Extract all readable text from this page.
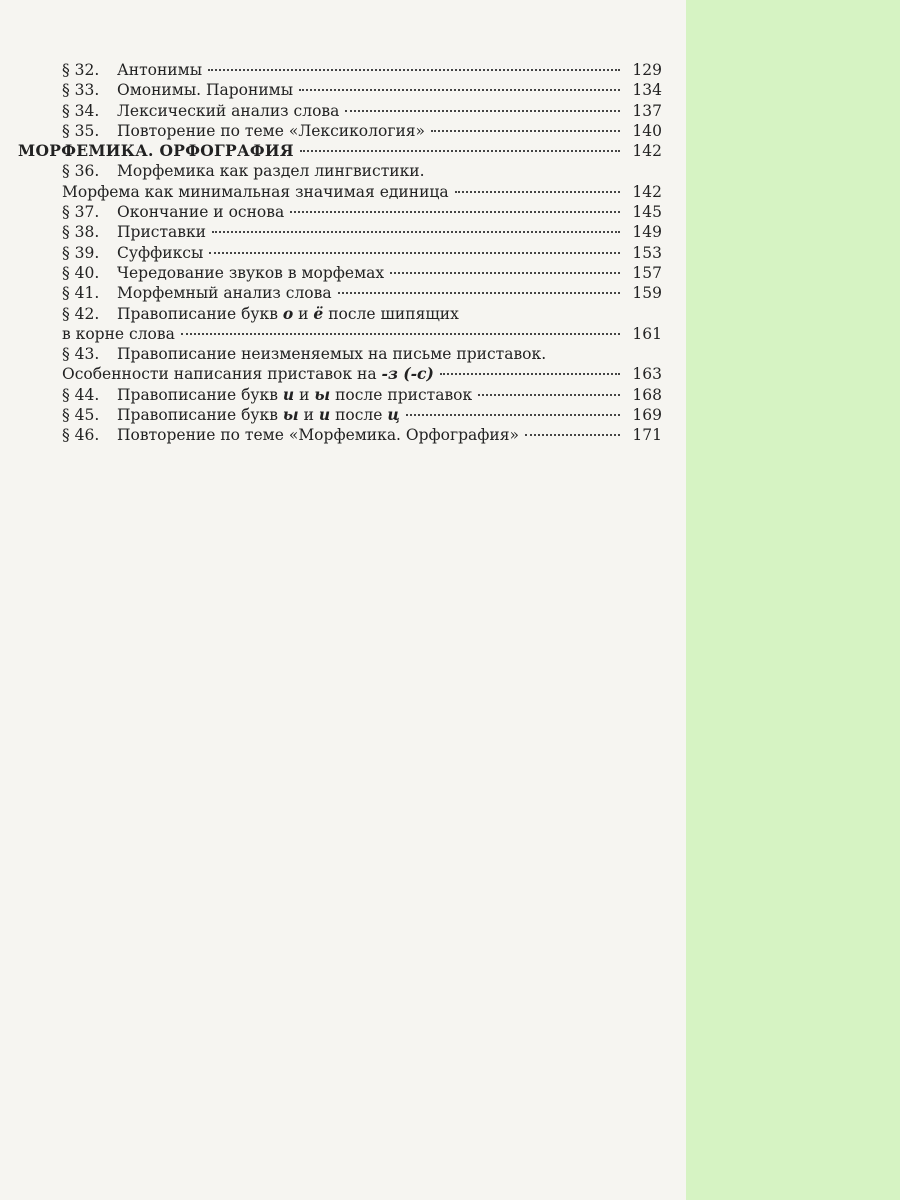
§ 32.	Антонимы	129
§ 33.	Омонимы. Паронимы	134
§ 34.	Лексический анализ слова	137
§ 35.	Повторение по теме «Лексикология»	140
МОРФЕМИКА. ОРФОГРАФИЯ	142
§ 36.	Морфемика как раздел лингвистики.
Морфема как минимальная значимая единица	142
§ 37.	Окончание и основа	145
§ 38.	Приставки	149
§ 39.	Суффиксы	153
§ 40.	Чередование звуков в морфемах	157
§ 41.	Морфемный анализ слова	159
§ 42.	Правописание букв о и ё после шипящих
в корне слова	161
§ 43.	Правописание неизменяемых на письме приставок.
Особенности написания приставок на -з (-с)	163
§ 44.	Правописание букв и и ы после приставок	168
§ 45.	Правописание букв ы и и после ц	169
§ 46.	Повторение по теме «Морфемика. Орфография»	171
